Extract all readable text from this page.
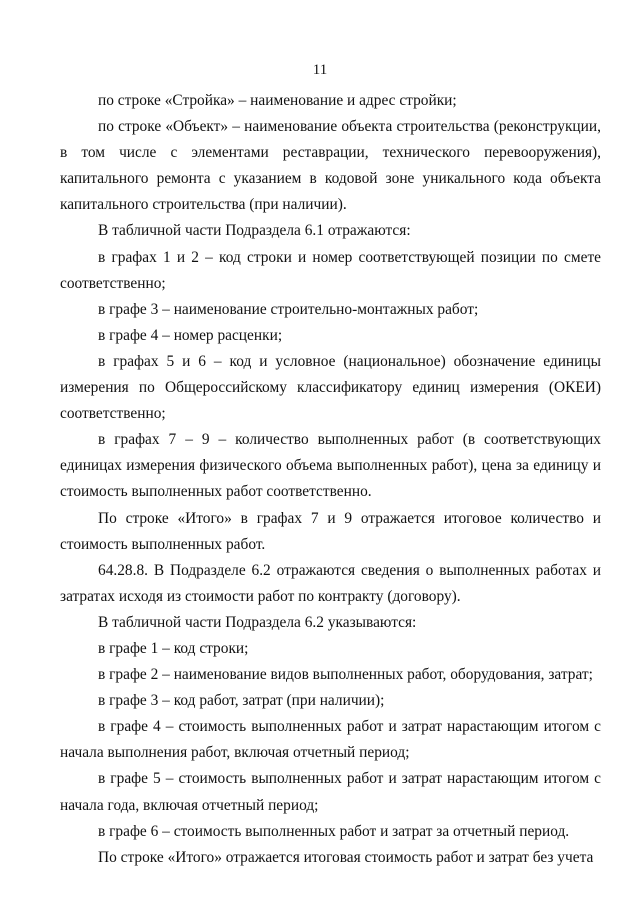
11

по строке «Стройка» – наименование и адрес стройки;

по строке «Объект» – наименование объекта строительства (реконструкции, в том числе с элементами реставрации, технического перевооружения), капитального ремонта с указанием в кодовой зоне уникального кода объекта капитального строительства (при наличии).

В табличной части Подраздела 6.1 отражаются:

в графах 1 и 2 – код строки и номер соответствующей позиции по смете соответственно;

в графе 3 – наименование строительно-монтажных работ;

в графе 4 – номер расценки;

в графах 5 и 6 – код и условное (национальное) обозначение единицы измерения по Общероссийскому классификатору единиц измерения (ОКЕИ) соответственно;

в графах 7 – 9 – количество выполненных работ (в соответствующих единицах измерения физического объема выполненных работ), цена за единицу и стоимость выполненных работ соответственно.

По строке «Итого» в графах 7 и 9 отражается итоговое количество и стоимость выполненных работ.

64.28.8. В Подразделе 6.2 отражаются сведения о выполненных работах и затратах исходя из стоимости работ по контракту (договору).

В табличной части Подраздела 6.2 указываются:

в графе 1 – код строки;

в графе 2 – наименование видов выполненных работ, оборудования, затрат;

в графе 3 – код работ, затрат (при наличии);

в графе 4 – стоимость выполненных работ и затрат нарастающим итогом с начала выполнения работ, включая отчетный период;

в графе 5 – стоимость выполненных работ и затрат нарастающим итогом с начала года, включая отчетный период;

в графе 6 – стоимость выполненных работ и затрат за отчетный период.

По строке «Итого» отражается итоговая стоимость работ и затрат без учета
